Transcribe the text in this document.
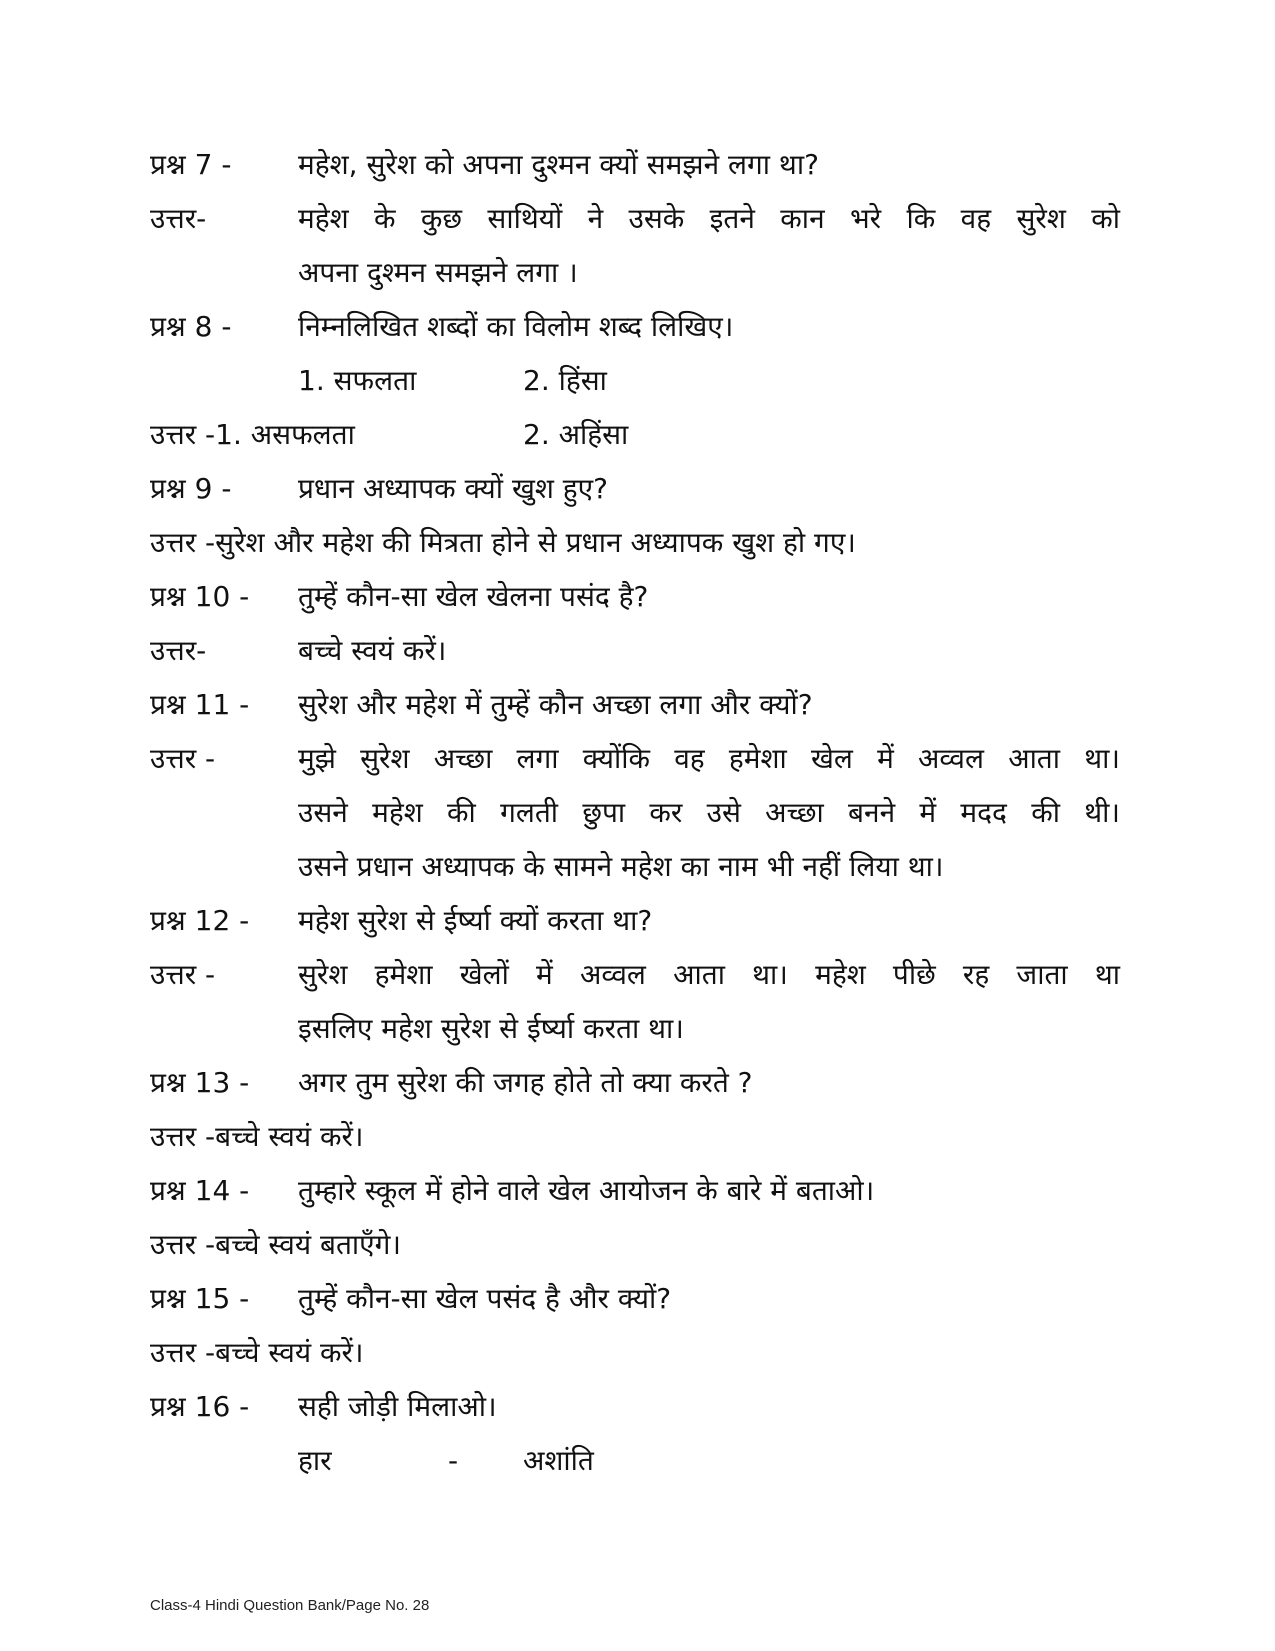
प्रश्न 7 - महेश, सुरेश को अपना दुश्मन क्यों समझने लगा था?
उत्तर-	महेश के कुछ साथियों ने उसके इतने कान भरे कि वह सुरेश को
अपना दुश्मन समझने लगा ।
प्रश्न 8 - निम्नलिखित शब्दों का विलोम शब्द लिखिए।
1. सफलता	2. हिंसा
उत्तर -1. असफलता	2. अहिंसा
प्रश्न 9 - प्रधान अध्यापक क्यों खुश हुए?
उत्तर -सुरेश और महेश की मित्रता होने से प्रधान अध्यापक खुश हो गए।
प्रश्न 10 - तुम्हें कौन-सा खेल खेलना पसंद है?
उत्तर-	बच्चे स्वयं करें।
प्रश्न 11 - सुरेश और महेश में तुम्हें कौन अच्छा लगा और क्यों?
उत्तर -	मुझे सुरेश अच्छा लगा क्योंकि वह हमेशा खेल में अव्वल आता था।
उसने महेश की गलती छुपा कर उसे अच्छा बनने में मदद की थी।
उसने प्रधान अध्यापक के सामने महेश का नाम भी नहीं लिया था।
प्रश्न 12 - महेश सुरेश से ईर्ष्या क्यों करता था?
उत्तर -	सुरेश हमेशा खेलों में अव्वल आता था। महेश पीछे रह जाता था
इसलिए महेश सुरेश से ईर्ष्या करता था।
प्रश्न 13 - अगर तुम सुरेश की जगह होते तो क्या करते ?
उत्तर -बच्चे स्वयं करें।
प्रश्न 14 - तुम्हारे स्कूल में होने वाले खेल आयोजन के बारे में बताओ।
उत्तर -बच्चे स्वयं बताएँगे।
प्रश्न 15 - तुम्हें कौन-सा खेल पसंद है और क्यों?
उत्तर -बच्चे स्वयं करें।
प्रश्न 16 - सही जोड़ी मिलाओ।
हार	- अशांति
Class-4 Hindi Question Bank/Page No. 28
